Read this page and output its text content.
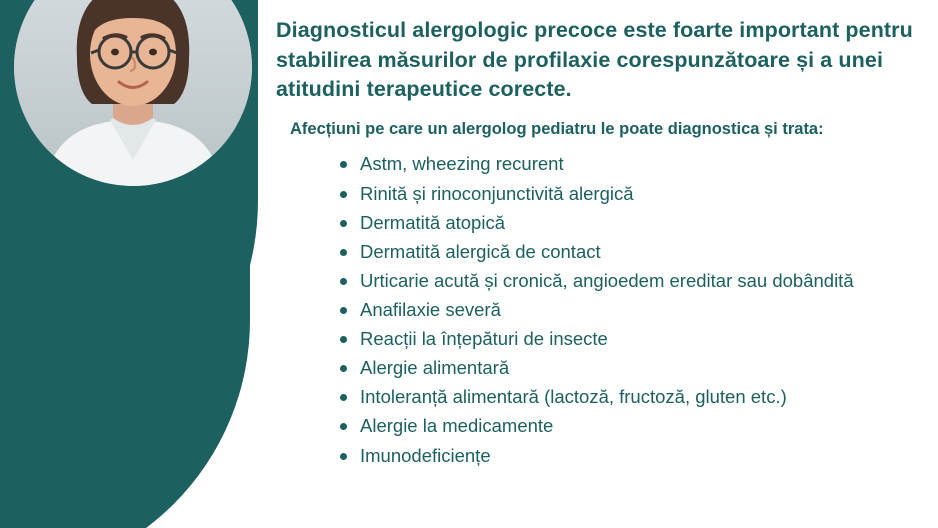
Diagnosticul alergologic precoce este foarte important pentru stabilirea măsurilor de profilaxie corespunzătoare și a unei atitudini terapeutice corecte.
Afecțiuni pe care un alergolog pediatru le poate diagnostica și trata:
Astm, wheezing recurent
Rinită și rinoconjunctivită alergică
Dermatită atopică
Dermatită alergică de contact
Urticarie acută și cronică, angioedem ereditar sau dobândită
Anafilaxie severă
Reacții la înțepături de insecte
Alergie alimentară
Intoleranță alimentară (lactoză, fructoză, gluten etc.)
Alergie la medicamente
Imunodeficiențe
